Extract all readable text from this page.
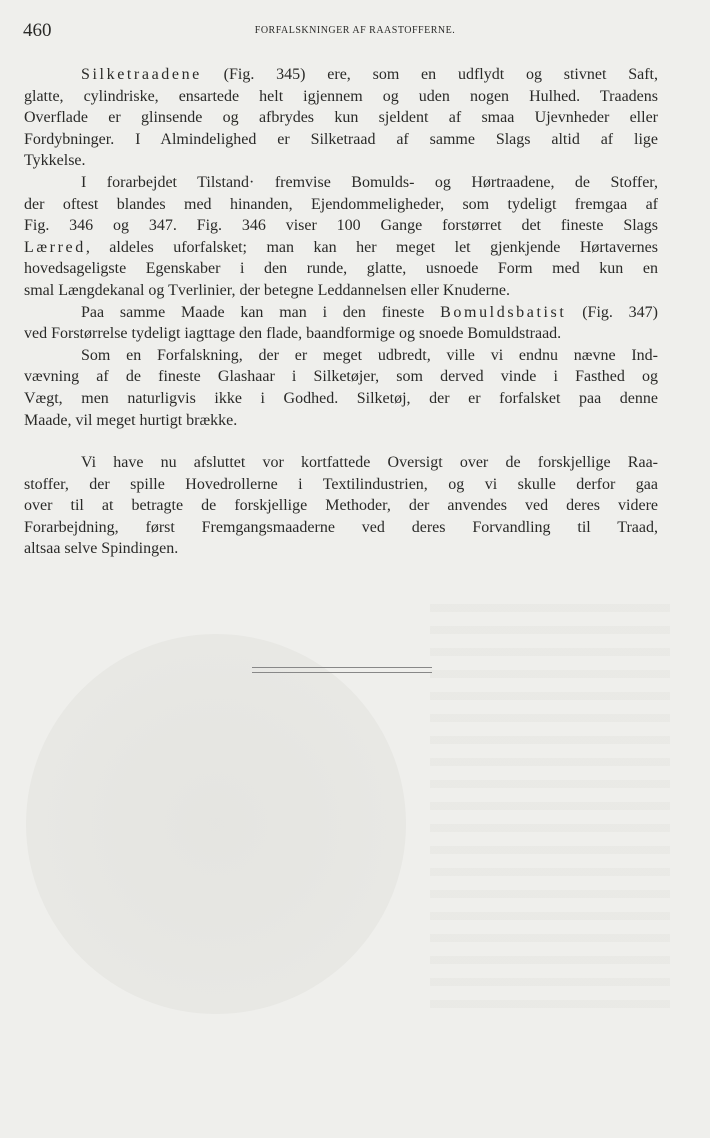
460	FORFALSKNINGER AF RAASTOFFERNE.
Silketraadene (Fig. 345) ere, som en udflydt og stivnet Saft,
glatte, cylindriske, ensartede helt igjennem og uden nogen Hulhed. Traadens
Overflade er glinsende og afbrydes kun sjeldent af smaa Ujevnheder eller
Fordybninger. I Almindelighed er Silketraad af samme Slags altid af lige
Tykkelse.
I forarbejdet Tilstand· fremvise Bomulds- og Hørtraadene, de Stoffer,
der oftest blandes med hinanden, Ejendommeligheder, som tydeligt fremgaa af
Fig. 346 og 347. Fig. 346 viser 100 Gange forstørret det fineste Slags
Lærred, aldeles uforfalsket; man kan her meget let gjenkjende Hørtavernes
hovedsageligste Egenskaber i den runde, glatte, usnoede Form med kun en
smal Længdekanal og Tverlinier, der betegne Leddannelsen eller Knuderne.
Paa samme Maade kan man i den fineste Bomuldsbatist (Fig. 347)
ved Forstørrelse tydeligt iagttage den flade, baandformige og snoede Bomuldstraad.
Som en Forfalskning, der er meget udbredt, ville vi endnu nævne Ind-
vævning af de fineste Glashaar i Silketøjer, som derved vinde i Fasthed og
Vægt, men naturligvis ikke i Godhed. Silketøj, der er forfalsket paa denne
Maade, vil meget hurtigt brække.
Vi have nu afsluttet vor kortfattede Oversigt over de forskjellige Raa-
stoffer, der spille Hovedrollerne i Textilindustrien, og vi skulle derfor gaa
over til at betragte de forskjellige Methoder, der anvendes ved deres videre
Forarbejdning, først Fremgangsmaaderne ved deres Forvandling til Traad,
altsaa selve Spindingen.
